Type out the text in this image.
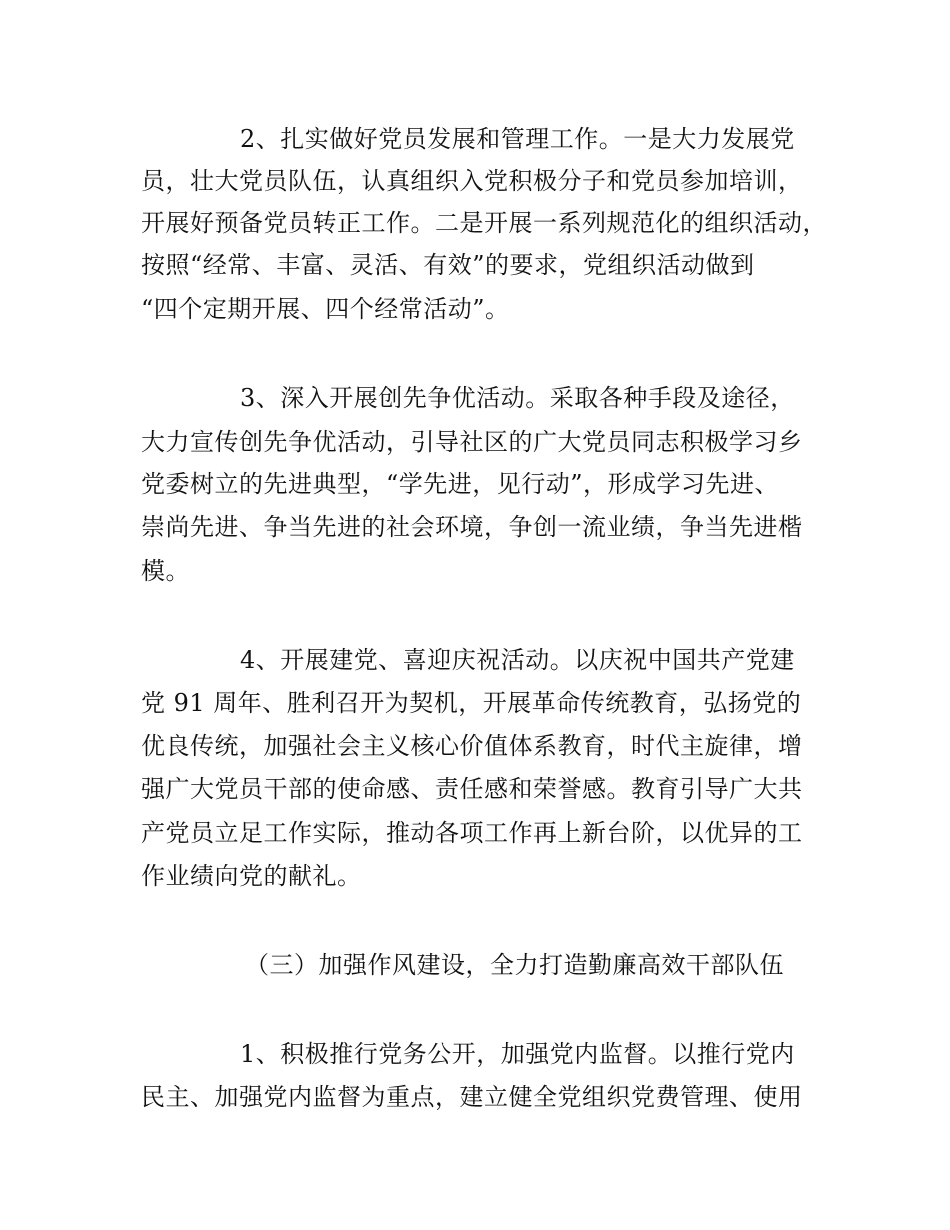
2、扎实做好党员发展和管理工作。一是大力发展党

员，壮大党员队伍，认真组织入党积极分子和党员参加培训，

开展好预备党员转正工作。二是开展一系列规范化的组织活动，

按照“经常、丰富、灵活、有效”的要求，党组织活动做到

“四个定期开展、四个经常活动”。

3、深入开展创先争优活动。采取各种手段及途径，

大力宣传创先争优活动，引导社区的广大党员同志积极学习乡

党委树立的先进典型，“学先进，见行动”，形成学习先进、

崇尚先进、争当先进的社会环境，争创一流业绩，争当先进楷

模。

4、开展建党、喜迎庆祝活动。以庆祝中国共产党建

党 91 周年、胜利召开为契机，开展革命传统教育，弘扬党的

优良传统，加强社会主义核心价值体系教育，时代主旋律，增

强广大党员干部的使命感、责任感和荣誉感。教育引导广大共

产党员立足工作实际，推动各项工作再上新台阶，以优异的工

作业绩向党的献礼。

（三）加强作风建设，全力打造勤廉高效干部队伍

1、积极推行党务公开，加强党内监督。以推行党内

民主、加强党内监督为重点，建立健全党组织党费管理、使用
